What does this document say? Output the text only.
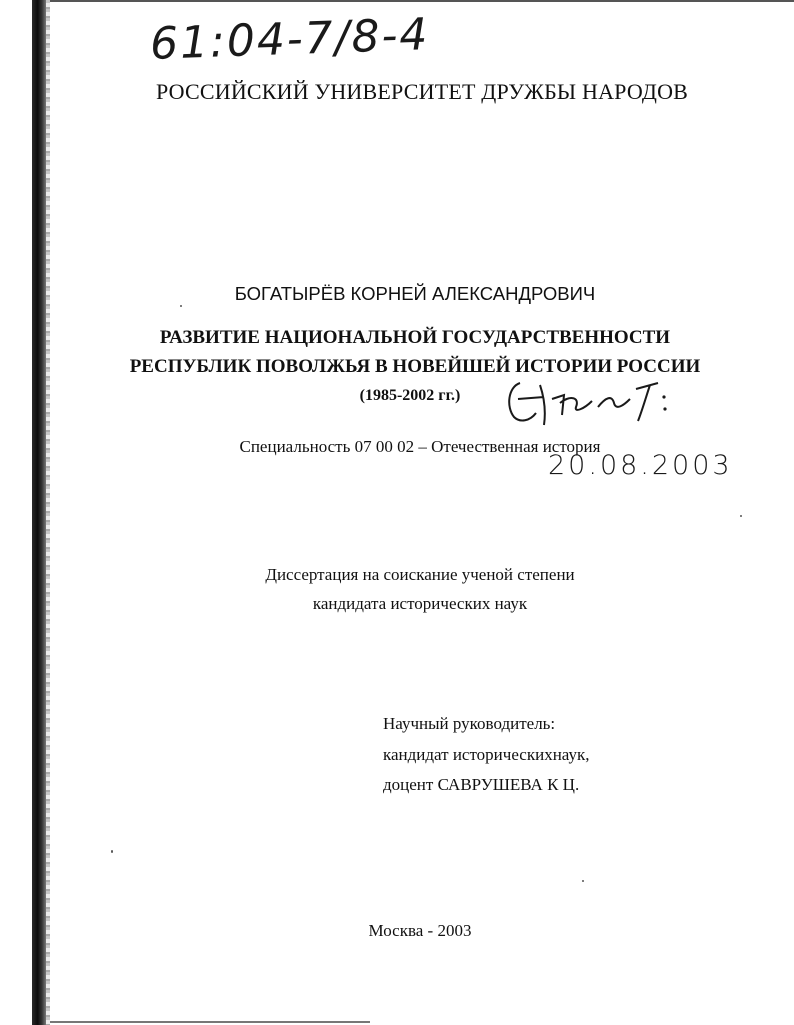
61:04-7/8-4
РОССИЙСКИЙ УНИВЕРСИТЕТ ДРУЖБЫ НАРОДОВ
БОГАТЫРЁВ КОРНЕЙ АЛЕКСАНДРОВИЧ
РАЗВИТИЕ НАЦИОНАЛЬНОЙ ГОСУДАРСТВЕННОСТИ
РЕСПУБЛИК ПОВОЛЖЬЯ В НОВЕЙШЕЙ ИСТОРИИ РОССИИ
(1985-2002 гг.)
Специальность 07 00 02 – Отечественная история
20.08.2003
Диссертация на соискание ученой степени
кандидата исторических наук
Научный руководитель:
кандидат историческихнаук,
доцент САВРУШЕВА К Ц.
Москва - 2003
